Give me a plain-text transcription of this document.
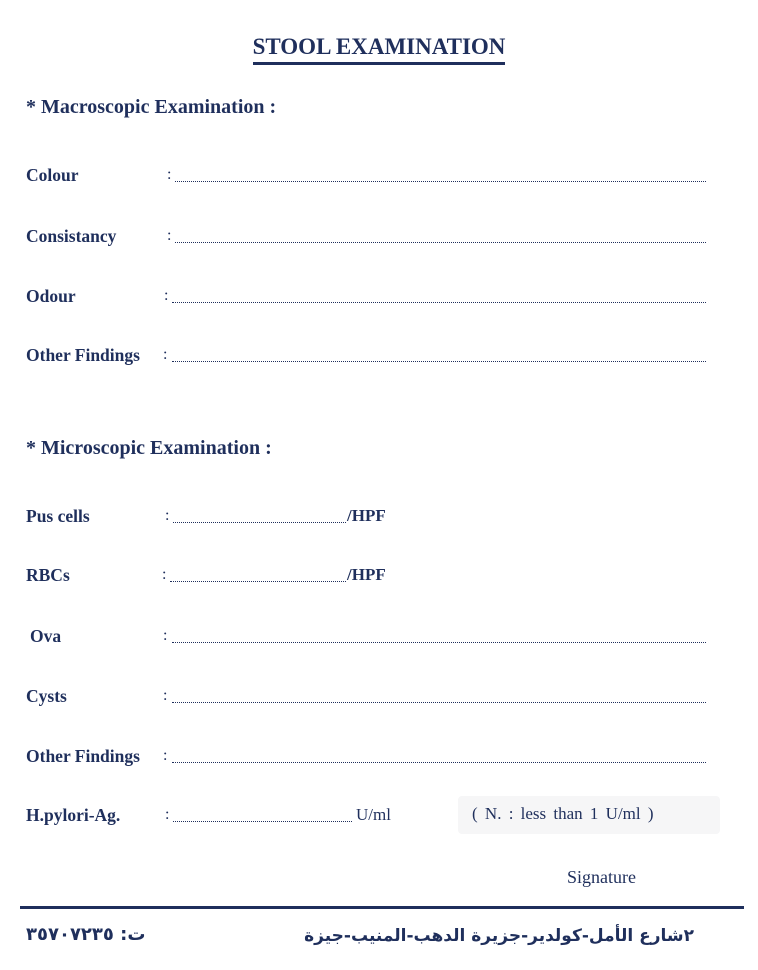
STOOL EXAMINATION
* Macroscopic Examination :
Colour	:
Consistancy	:
Odour	:
Other Findings :
* Microscopic Examination :
Pus cells	:	/HPF
RBCs	:	/HPF
Ova	:
Cysts	:
Other Findings :
H.pylori-Ag.	:	U/ml	( N. : less than 1 U/ml )
Signature
ت: ٣٥٧٠٧٢٣٥	٢شارع الأمل-كولدير-جزيرة الدهب-المنيب-جيزة
